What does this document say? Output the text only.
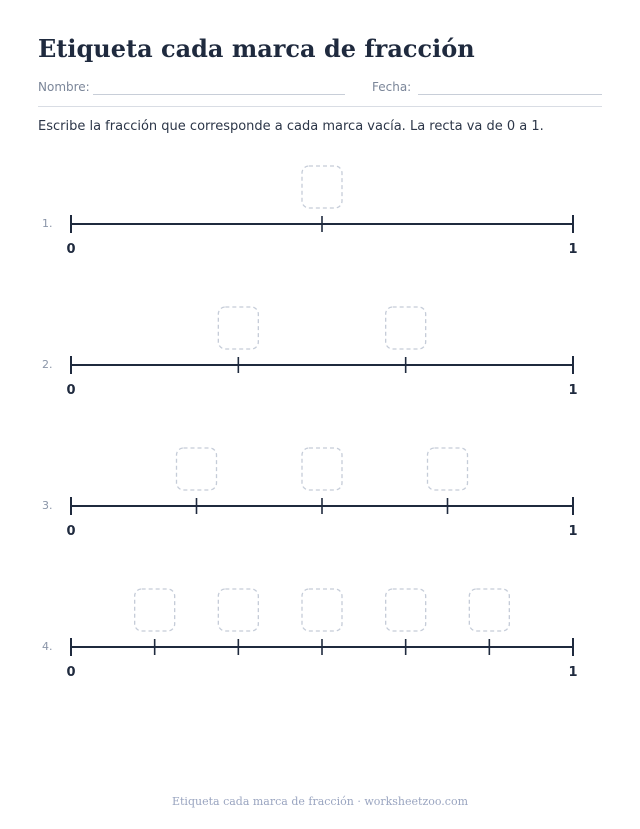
Etiqueta cada marca de fracción
Nombre:	Fecha:

Escribe la fracción que corresponde a cada marca vacía. La recta va de 0 a 1.

1.
0	1
2.
0	1
3.
0	1
4.
0	1
Etiqueta cada marca de fracción · worksheetzoo.com
